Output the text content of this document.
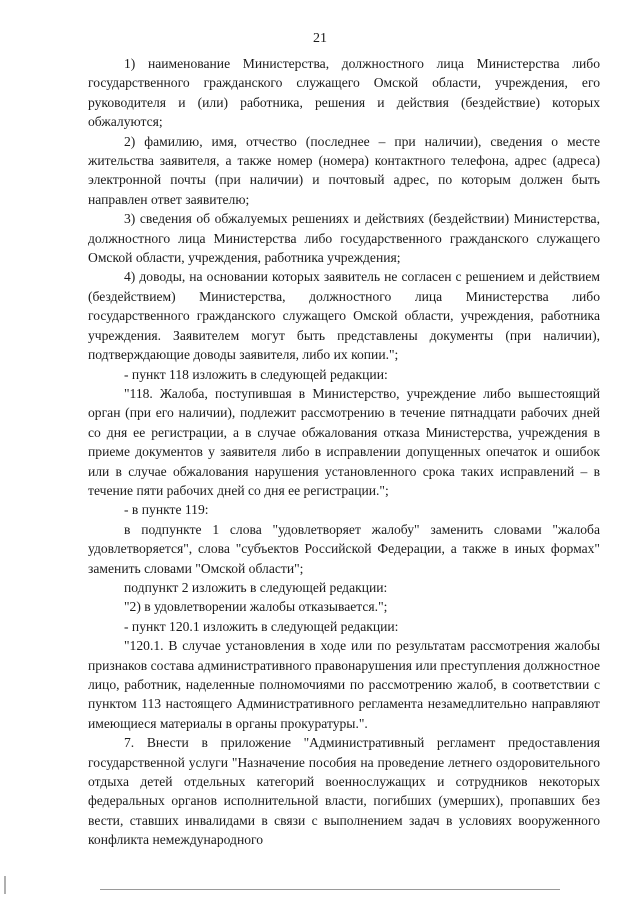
21

1) наименование Министерства, должностного лица Министерства либо государственного гражданского служащего Омской области, учреждения, его руководителя и (или) работника, решения и действия (бездействие) которых обжалуются;

2) фамилию, имя, отчество (последнее – при наличии), сведения о месте жительства заявителя, а также номер (номера) контактного телефона, адрес (адреса) электронной почты (при наличии) и почтовый адрес, по которым должен быть направлен ответ заявителю;

3) сведения об обжалуемых решениях и действиях (бездействии) Министерства, должностного лица Министерства либо государственного гражданского служащего Омской области, учреждения, работника учреждения;

4) доводы, на основании которых заявитель не согласен с решением и действием (бездействием) Министерства, должностного лица Министерства либо государственного гражданского служащего Омской области, учреждения, работника учреждения. Заявителем могут быть представлены документы (при наличии), подтверждающие доводы заявителя, либо их копии.";

- пункт 118 изложить в следующей редакции:

"118. Жалоба, поступившая в Министерство, учреждение либо вышестоящий орган (при его наличии), подлежит рассмотрению в течение пятнадцати рабочих дней со дня ее регистрации, а в случае обжалования отказа Министерства, учреждения в приеме документов у заявителя либо в исправлении допущенных опечаток и ошибок или в случае обжалования нарушения установленного срока таких исправлений – в течение пяти рабочих дней со дня ее регистрации.";

- в пункте 119:

в подпункте 1 слова "удовлетворяет жалобу" заменить словами "жалоба удовлетворяется", слова "субъектов Российской Федерации, а также в иных формах" заменить словами "Омской области";

подпункт 2 изложить в следующей редакции:

"2) в удовлетворении жалобы отказывается.";

- пункт 120.1 изложить в следующей редакции:

"120.1. В случае установления в ходе или по результатам рассмотрения жалобы признаков состава административного правонарушения или преступления должностное лицо, работник, наделенные полномочиями по рассмотрению жалоб, в соответствии с пунктом 113 настоящего Административного регламента незамедлительно направляют имеющиеся материалы в органы прокуратуры.".

7. Внести в приложение "Административный регламент предоставления государственной услуги "Назначение пособия на проведение летнего оздоровительного отдыха детей отдельных категорий военнослужащих и сотрудников некоторых федеральных органов исполнительной власти, погибших (умерших), пропавших без вести, ставших инвалидами в связи с выполнением задач в условиях вооруженного конфликта немеждународного
